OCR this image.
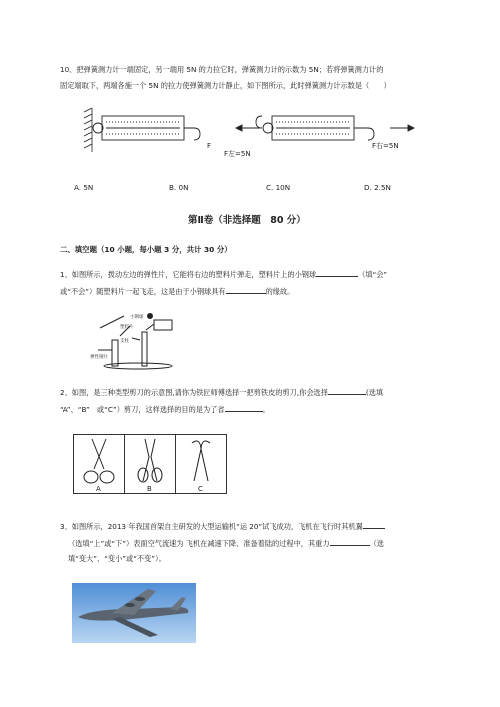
10、把弹簧测力计一端固定，另一端用 5N 的力拉它时，弹簧测力计的示数为 5N；若将弹簧测力计的
固定端取下，两端各施一个 5N 的拉力使弹簧测力计静止，如下图所示，此时弹簧测力计示数是（　　）
F
F左=5N
F右=5N
A. 5N	B. 0N	C. 10N	D. 2.5N
第Ⅱ卷（非选择题　80 分）
二、填空题（10 小题，每小题 3 分，共计 30 分）
1、如图所示，拨动左边的弹性片，它能将右边的塑料片弹走，塑料片上的小钢球	（填“会”
或“不会”）随塑料片一起飞走，这是由于小钢球具有	的缘故。
小钢球
塑料片
支柱
弹性钢片
2、如图，是三种类型剪刀的示意图,请你为铁匠师傅选择一把剪铁皮的剪刀,你会选择	(选填
“A”、“B”　或“C”）剪刀，这样选择的目的是为了省	。
A	B	C
3、如图所示，2013 年我国首架自主研发的大型运输机“运 20”试飞成功，飞机在飞行时其机翼
（选填“上”或“下”）表面空气流速为 飞机在减速下降、准备着陆的过程中，其重力	（选
填“变大”、“变小”或“不变”）。
